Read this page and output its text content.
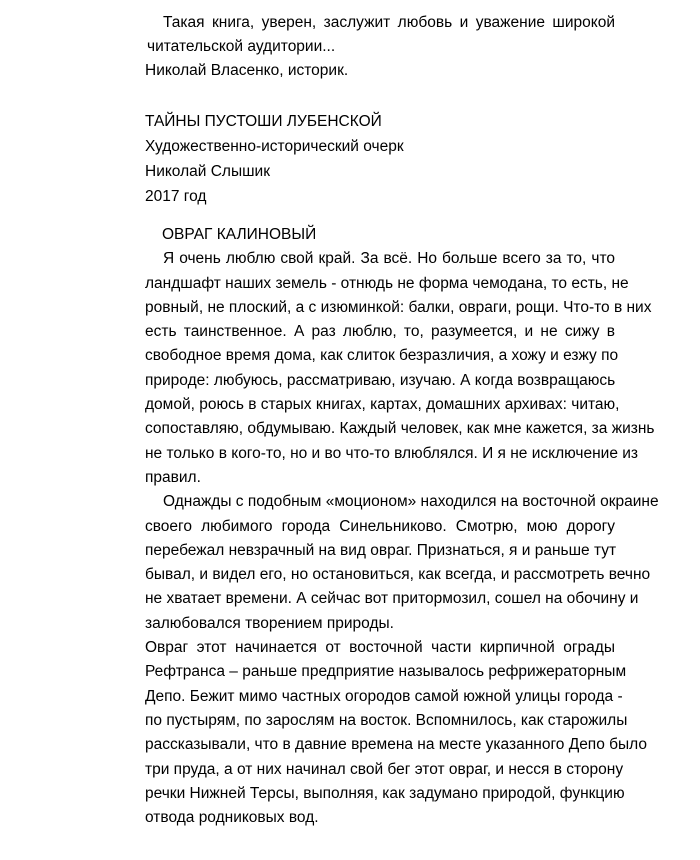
Такая книга, уверен, заслужит любовь и уважение широкой
читательской аудитории...
Николай Власенко, историк.
ТАЙНЫ ПУСТОШИ ЛУБЕНСКОЙ
Художественно-исторический очерк
Николай Слышик
2017 год
ОВРАГ КАЛИНОВЫЙ
Я очень люблю свой край. За всё. Но больше всего за то, что
ландшафт наших земель - отнюдь не форма чемодана, то есть, не
ровный, не плоский, а с изюминкой: балки, овраги, рощи. Что-то в них
есть таинственное. А раз люблю, то, разумеется, и не сижу в
свободное время дома, как слиток безразличия, а хожу и езжу по
природе: любуюсь, рассматриваю, изучаю. А когда возвращаюсь
домой, роюсь в старых книгах, картах, домашних архивах: читаю,
сопоставляю, обдумываю. Каждый человек, как мне кажется, за жизнь
не только в кого-то, но и во что-то влюблялся. И я не исключение из
правил.
Однажды с подобным «моционом» находился на восточной окраине
своего любимого города Синельниково. Смотрю, мою дорогу
перебежал невзрачный на вид овраг. Признаться, я и раньше тут
бывал, и видел его, но остановиться, как всегда, и рассмотреть вечно
не хватает времени. А сейчас вот притормозил, сошел на обочину и
залюбовался творением природы.
Овраг этот начинается от восточной части кирпичной ограды
Рефтранса – раньше предприятие называлось рефрижераторным
Депо. Бежит мимо частных огородов самой южной улицы города -
по пустырям, по зарослям на восток. Вспомнилось, как старожилы
рассказывали, что в давние времена на месте указанного Депо было
три пруда, а от них начинал свой бег этот овраг, и несся в сторону
речки Нижней Терсы, выполняя, как задумано природой, функцию
отвода родниковых вод.
